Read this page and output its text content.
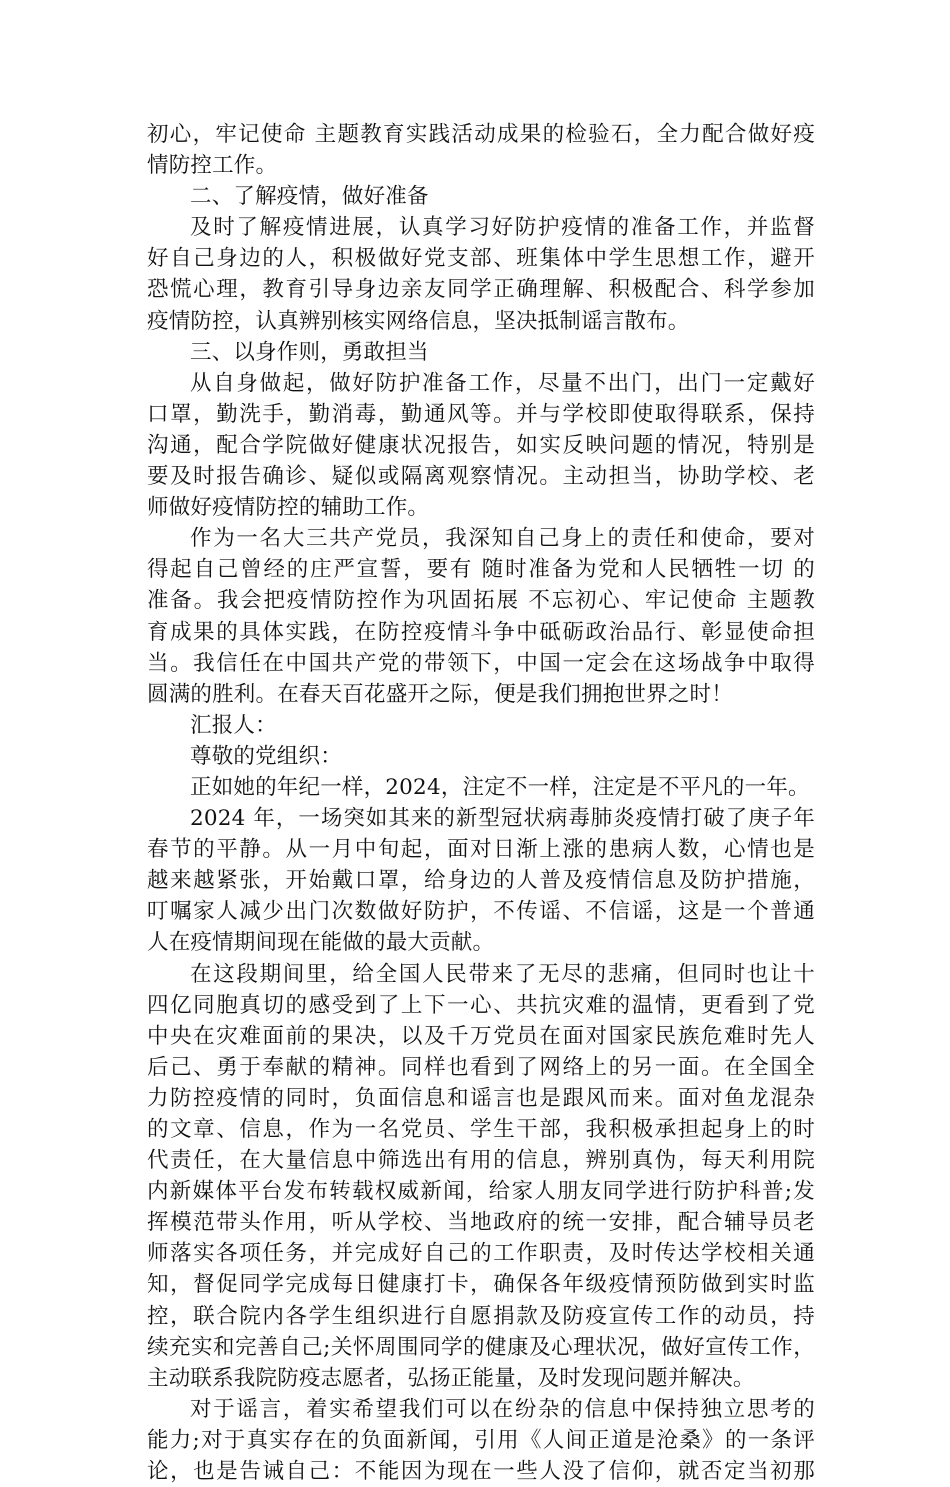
初心，牢记使命 主题教育实践活动成果的检验石，全力配合做好疫
情防控工作。
二、了解疫情，做好准备
及时了解疫情进展，认真学习好防护疫情的准备工作，并监督
好自己身边的人，积极做好党支部、班集体中学生思想工作，避开
恐慌心理，教育引导身边亲友同学正确理解、积极配合、科学参加
疫情防控，认真辨别核实网络信息，坚决抵制谣言散布。
三、以身作则，勇敢担当
从自身做起，做好防护准备工作，尽量不出门，出门一定戴好
口罩，勤洗手，勤消毒，勤通风等。并与学校即使取得联系，保持
沟通，配合学院做好健康状况报告，如实反映问题的情况，特别是
要及时报告确诊、疑似或隔离观察情况。主动担当，协助学校、老
师做好疫情防控的辅助工作。
作为一名大三共产党员，我深知自己身上的责任和使命，要对
得起自己曾经的庄严宣誓，要有 随时准备为党和人民牺牲一切 的
准备。我会把疫情防控作为巩固拓展 不忘初心、牢记使命 主题教
育成果的具体实践，在防控疫情斗争中砥砺政治品行、彰显使命担
当。我信任在中国共产党的带领下，中国一定会在这场战争中取得
圆满的胜利。在春天百花盛开之际，便是我们拥抱世界之时！
汇报人：
尊敬的党组织：
正如她的年纪一样，2024，注定不一样，注定是不平凡的一年。
2024 年，一场突如其来的新型冠状病毒肺炎疫情打破了庚子年
春节的平静。从一月中旬起，面对日渐上涨的患病人数，心情也是
越来越紧张，开始戴口罩，给身边的人普及疫情信息及防护措施，
叮嘱家人减少出门次数做好防护，不传谣、不信谣，这是一个普通
人在疫情期间现在能做的最大贡献。
在这段期间里，给全国人民带来了无尽的悲痛，但同时也让十
四亿同胞真切的感受到了上下一心、共抗灾难的温情，更看到了党
中央在灾难面前的果决，以及千万党员在面对国家民族危难时先人
后己、勇于奉献的精神。同样也看到了网络上的另一面。在全国全
力防控疫情的同时，负面信息和谣言也是跟风而来。面对鱼龙混杂
的文章、信息，作为一名党员、学生干部，我积极承担起身上的时
代责任，在大量信息中筛选出有用的信息，辨别真伪，每天利用院
内新媒体平台发布转载权威新闻，给家人朋友同学进行防护科普;发
挥模范带头作用，听从学校、当地政府的统一安排，配合辅导员老
师落实各项任务，并完成好自己的工作职责，及时传达学校相关通
知，督促同学完成每日健康打卡，确保各年级疫情预防做到实时监
控，联合院内各学生组织进行自愿捐款及防疫宣传工作的动员，持
续充实和完善自己;关怀周围同学的健康及心理状况，做好宣传工作，
主动联系我院防疫志愿者，弘扬正能量，及时发现问题并解决。
对于谣言，着实希望我们可以在纷杂的信息中保持独立思考的
能力;对于真实存在的负面新闻，引用《人间正道是沧桑》的一条评
论，也是告诫自己：不能因为现在一些人没了信仰，就否定当初那
